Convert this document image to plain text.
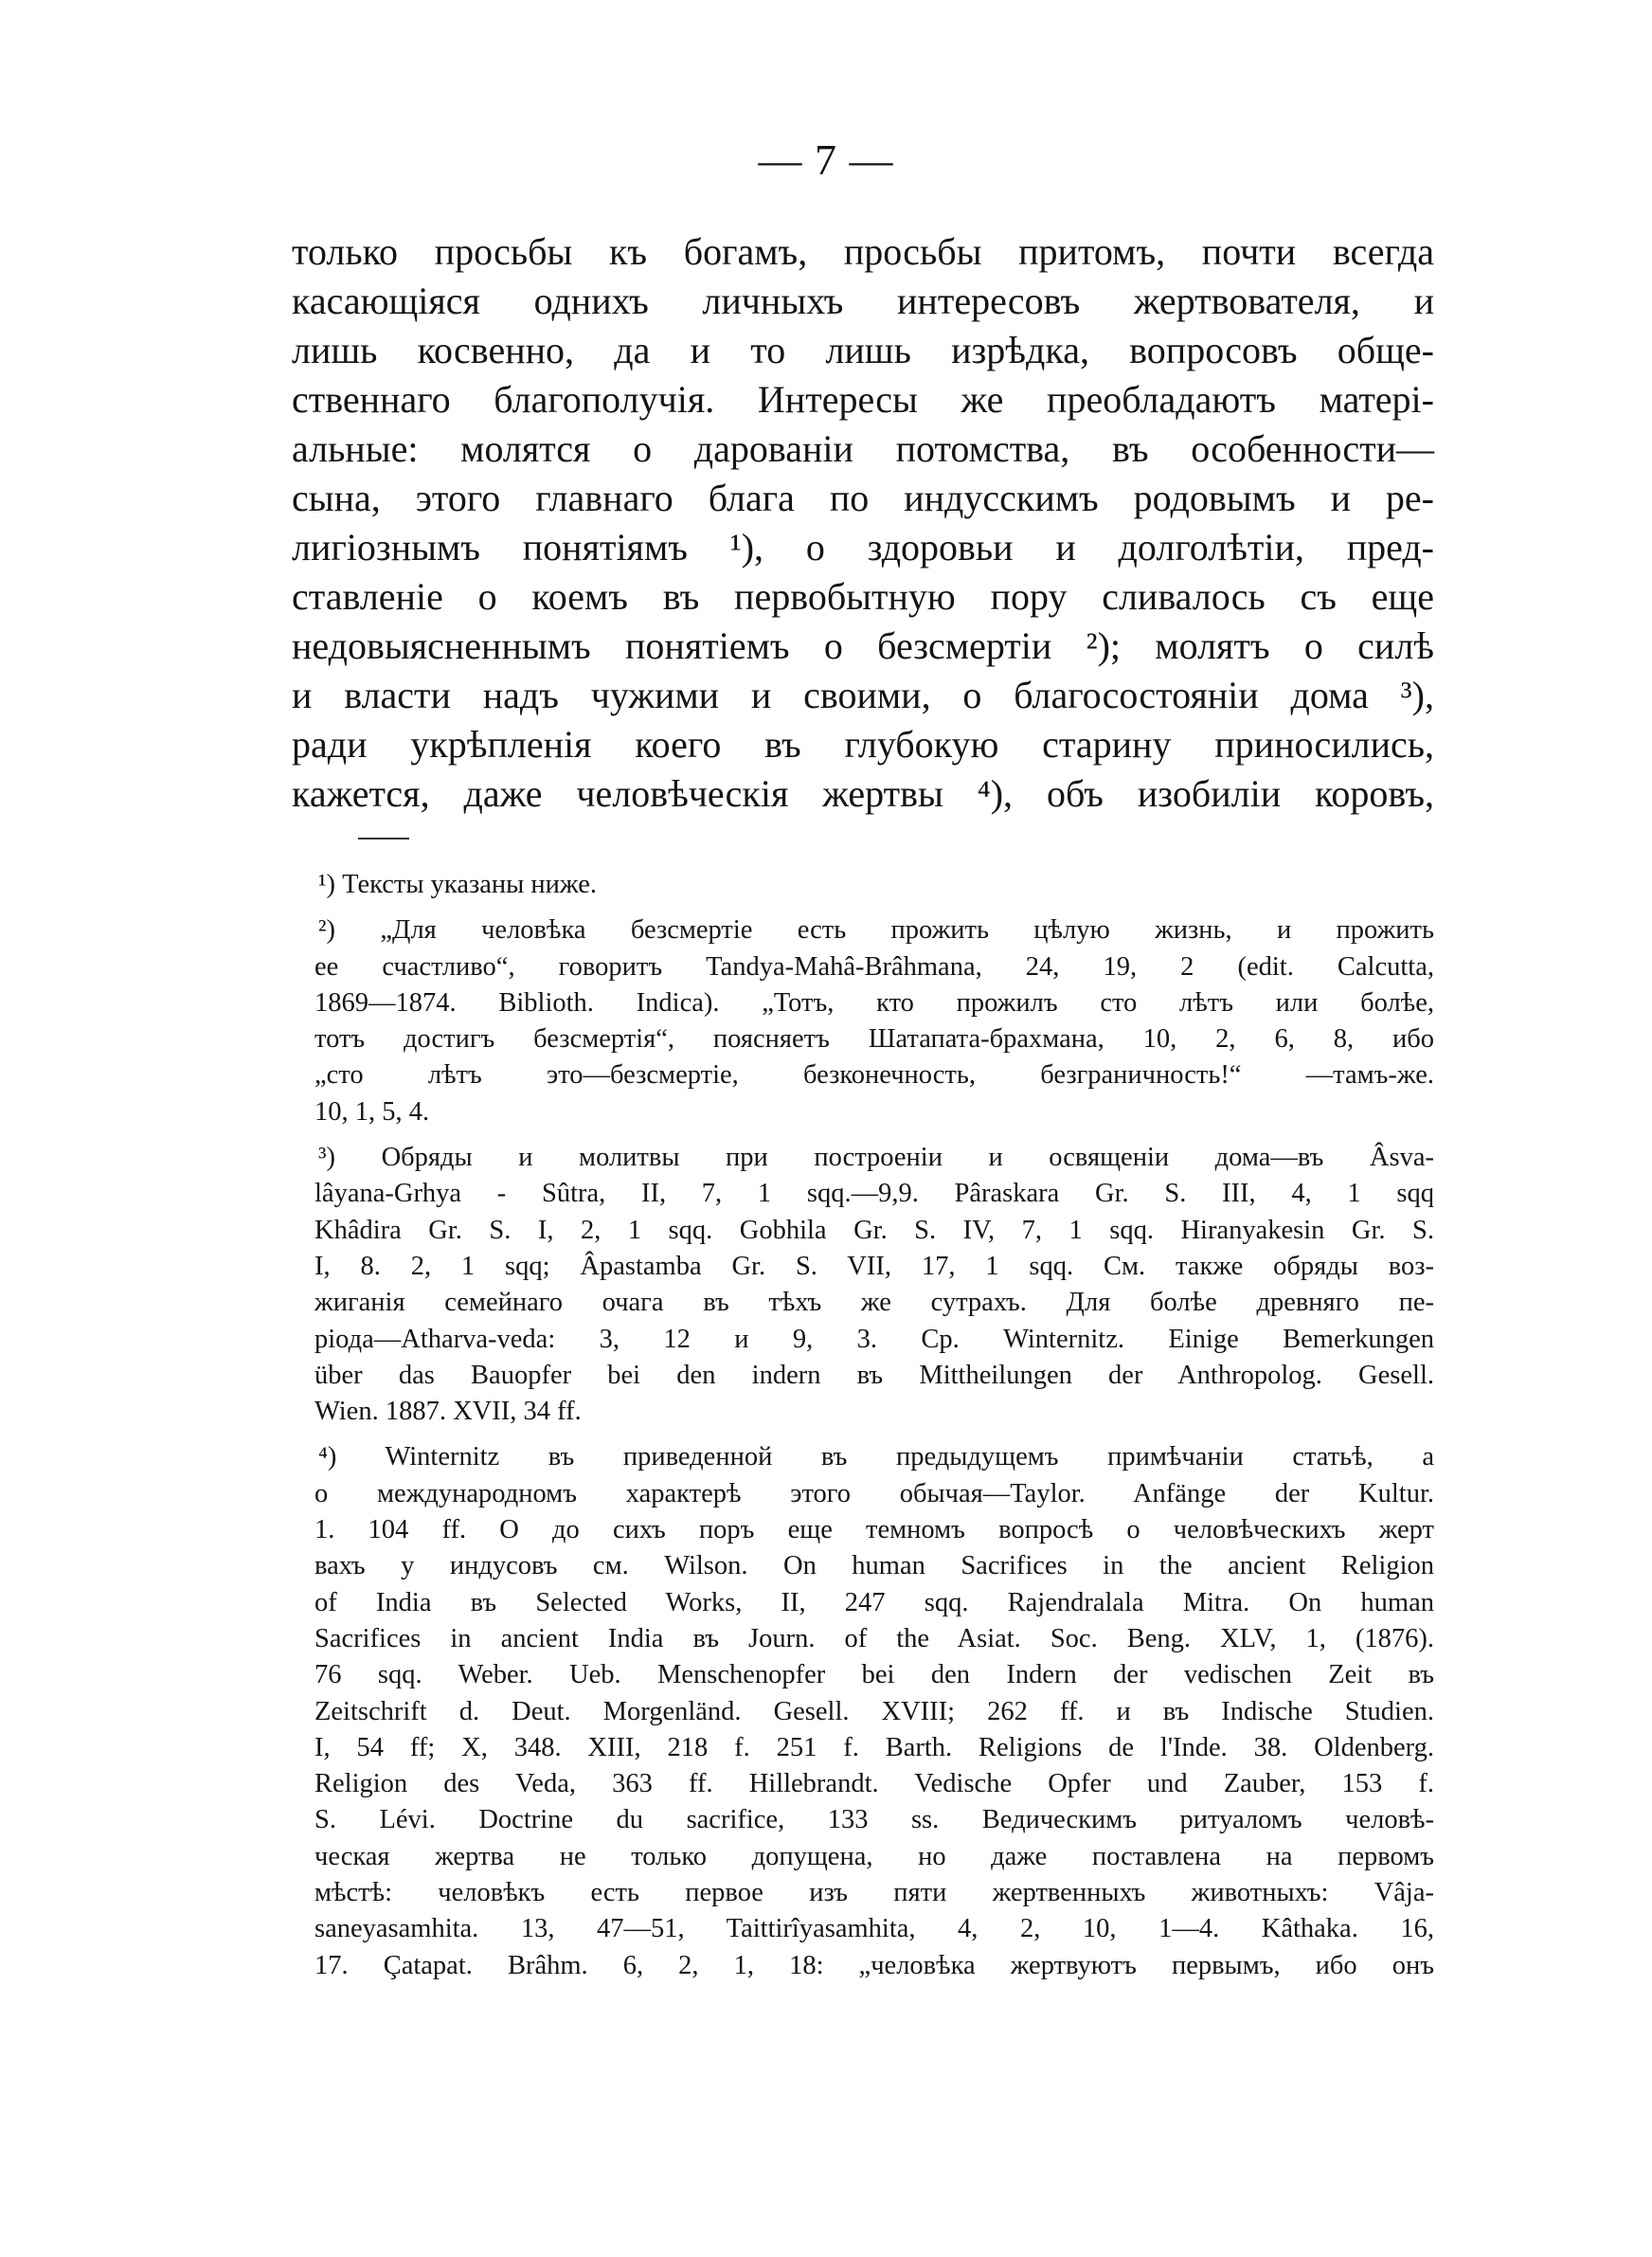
— 7 —
только просьбы къ богамъ, просьбы притомъ, почти всегда
касающіяся однихъ личныхъ интересовъ жертвователя, и
лишь косвенно, да и то лишь изрѣдка, вопросовъ обще-
ственнаго благополучія. Интересы же преобладаютъ матері-
альные: молятся о дарованіи потомства, въ особенности—
сына, этого главнаго блага по индусскимъ родовымъ и ре-
лигіознымъ понятіямъ ¹), о здоровьи и долголѣтіи, пред-
ставленіе о коемъ въ первобытную пору сливалось съ еще
недовыясненнымъ понятіемъ о безсмертіи ²); молятъ о силѣ
и власти надъ чужими и своими, о благосостояніи дома ³),
ради укрѣпленія коего въ глубокую старину приносились,
кажется, даже человѣческія жертвы ⁴), объ изобиліи коровъ,
¹) Тексты указаны ниже.
²) „Для человѣка безсмертіе есть прожить цѣлую жизнь, и прожить
ее счастливо“, говоритъ Tandya-Mahâ-Brâhmana, 24, 19, 2 (edit. Calcutta,
1869—1874. Biblioth. Indica). „Тотъ, кто прожилъ сто лѣтъ или болѣе,
тотъ достигъ безсмертія“, поясняетъ Шатапата-брахмана, 10, 2, 6, 8, ибо
„сто лѣтъ это—безсмертіе, безконечность, безграничность!“ —тамъ-же.
10, 1, 5, 4.
³) Обряды и молитвы при построеніи и освященіи дома—въ Âsva-
lâyana-Grhya - Sûtra, II, 7, 1 sqq.—9,9. Pâraskara Gr. S. III, 4, 1 sqq
Khâdira Gr. S. I, 2, 1 sqq. Gobhila Gr. S. IV, 7, 1 sqq. Hiranyakesin Gr. S.
I, 8. 2, 1 sqq; Âpastamba Gr. S. VII, 17, 1 sqq. См. также обряды воз-
жиганія семейнаго очага въ тѣхъ же сутрахъ. Для болѣе древняго пе-
ріода—Atharva-veda: 3, 12 и 9, 3. Ср. Winternitz. Einige Bemerkungen
über das Bauopfer bei den indern въ Mittheilungen der Anthropolog. Gesell.
Wien. 1887. XVII, 34 ff.
⁴) Winternitz въ приведенной въ предыдущемъ примѣчаніи статьѣ, а
о международномъ характерѣ этого обычая—Taylor. Anfänge der Kultur.
1. 104 ff. О до сихъ поръ еще темномъ вопросѣ о человѣческихъ жерт
вахъ у индусовъ см. Wilson. On human Sacrifices in the ancient Religion
of India въ Selected Works, II, 247 sqq. Rajendralala Mitra. On human
Sacrifices in ancient India въ Journ. of the Asiat. Soc. Beng. XLV, 1, (1876).
76 sqq. Weber. Ueb. Menschenopfer bei den Indern der vedischen Zeit въ
Zeitschrift d. Deut. Morgenländ. Gesell. XVIII; 262 ff. и въ Indische Studien.
I, 54 ff; X, 348. XIII, 218 f. 251 f. Barth. Religions de l'Inde. 38. Oldenberg.
Religion des Veda, 363 ff. Hillebrandt. Vedische Opfer und Zauber, 153 f.
S. Lévi. Doctrine du sacrifice, 133 ss. Ведическимъ ритуаломъ человѣ-
ческая жертва не только допущена, но даже поставлена на первомъ
мѣстѣ: человѣкъ есть первое изъ пяти жертвенныхъ животныхъ: Vâja-
saneyasamhita. 13, 47—51, Taittirîyasamhita, 4, 2, 10, 1—4. Kâthaka. 16,
17. Çatapat. Brâhm. 6, 2, 1, 18: „человѣка жертвуютъ первымъ, ибо онъ
